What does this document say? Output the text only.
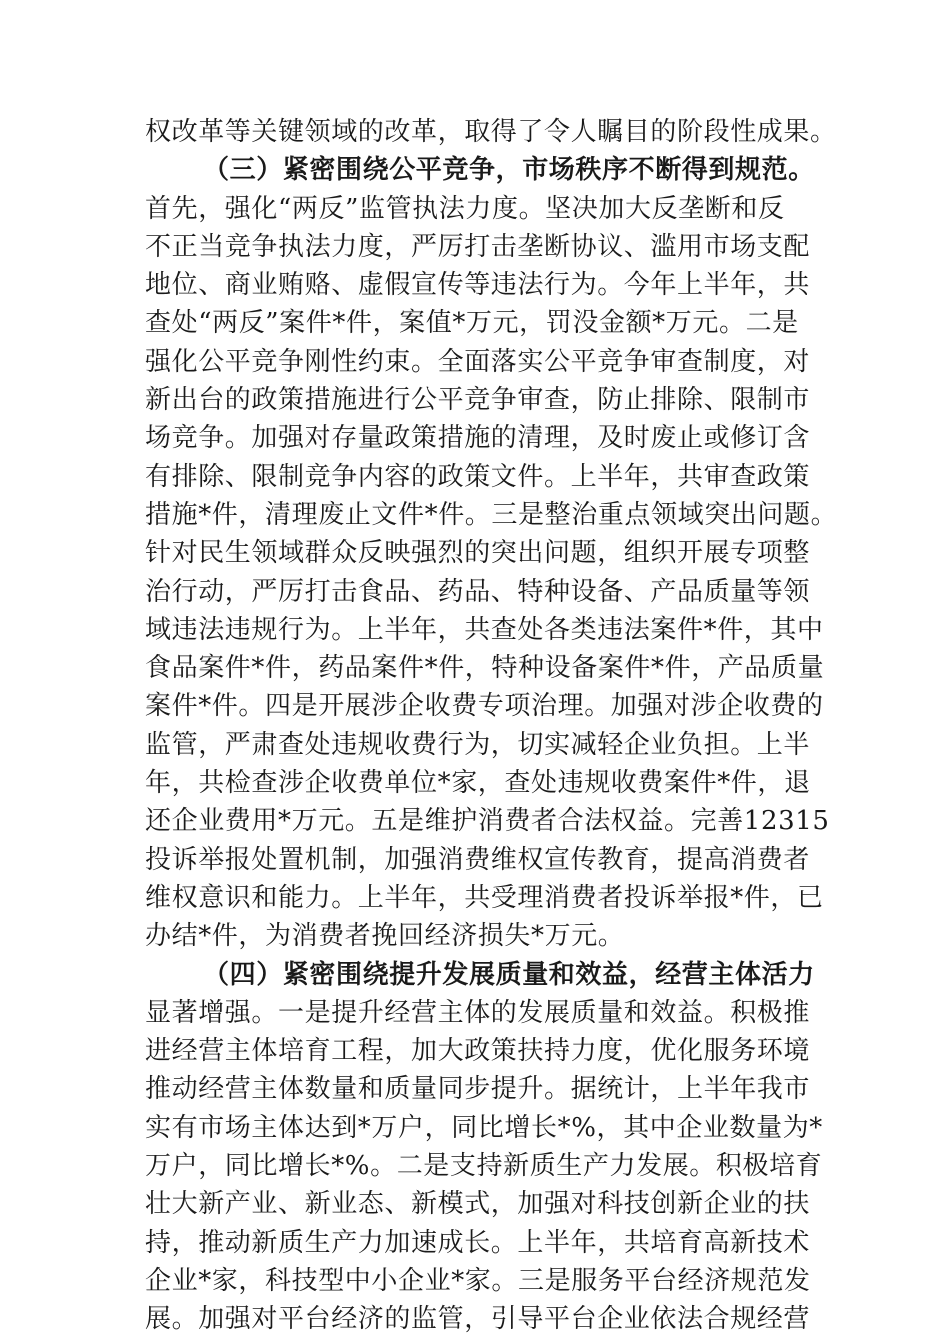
权改革等关键领域的改革，取得了令人瞩目的阶段性成果。
（三）紧密围绕公平竞争，市场秩序不断得到规范。
首先，强化“两反”监管执法力度。坚决加大反垄断和反
不正当竞争执法力度，严厉打击垄断协议、滥用市场支配
地位、商业贿赂、虚假宣传等违法行为。今年上半年，共
查处“两反”案件*件，案值*万元，罚没金额*万元。二是
强化公平竞争刚性约束。全面落实公平竞争审查制度，对
新出台的政策措施进行公平竞争审查，防止排除、限制市
场竞争。加强对存量政策措施的清理，及时废止或修订含
有排除、限制竞争内容的政策文件。上半年，共审查政策
措施*件，清理废止文件*件。三是整治重点领域突出问题。
针对民生领域群众反映强烈的突出问题，组织开展专项整
治行动，严厉打击食品、药品、特种设备、产品质量等领
域违法违规行为。上半年，共查处各类违法案件*件，其中
食品案件*件，药品案件*件，特种设备案件*件，产品质量
案件*件。四是开展涉企收费专项治理。加强对涉企收费的
监管，严肃查处违规收费行为，切实减轻企业负担。上半
年，共检查涉企收费单位*家，查处违规收费案件*件，退
还企业费用*万元。五是维护消费者合法权益。完善12315
投诉举报处置机制，加强消费维权宣传教育，提高消费者
维权意识和能力。上半年，共受理消费者投诉举报*件，已
办结*件，为消费者挽回经济损失*万元。
（四）紧密围绕提升发展质量和效益，经营主体活力
显著增强。一是提升经营主体的发展质量和效益。积极推
进经营主体培育工程，加大政策扶持力度，优化服务环境
推动经营主体数量和质量同步提升。据统计，上半年我市
实有市场主体达到*万户，同比增长*%，其中企业数量为*
万户，同比增长*%。二是支持新质生产力发展。积极培育
壮大新产业、新业态、新模式，加强对科技创新企业的扶
持，推动新质生产力加速成长。上半年，共培育高新技术
企业*家，科技型中小企业*家。三是服务平台经济规范发
展。加强对平台经济的监管，引导平台企业依法合规经营
